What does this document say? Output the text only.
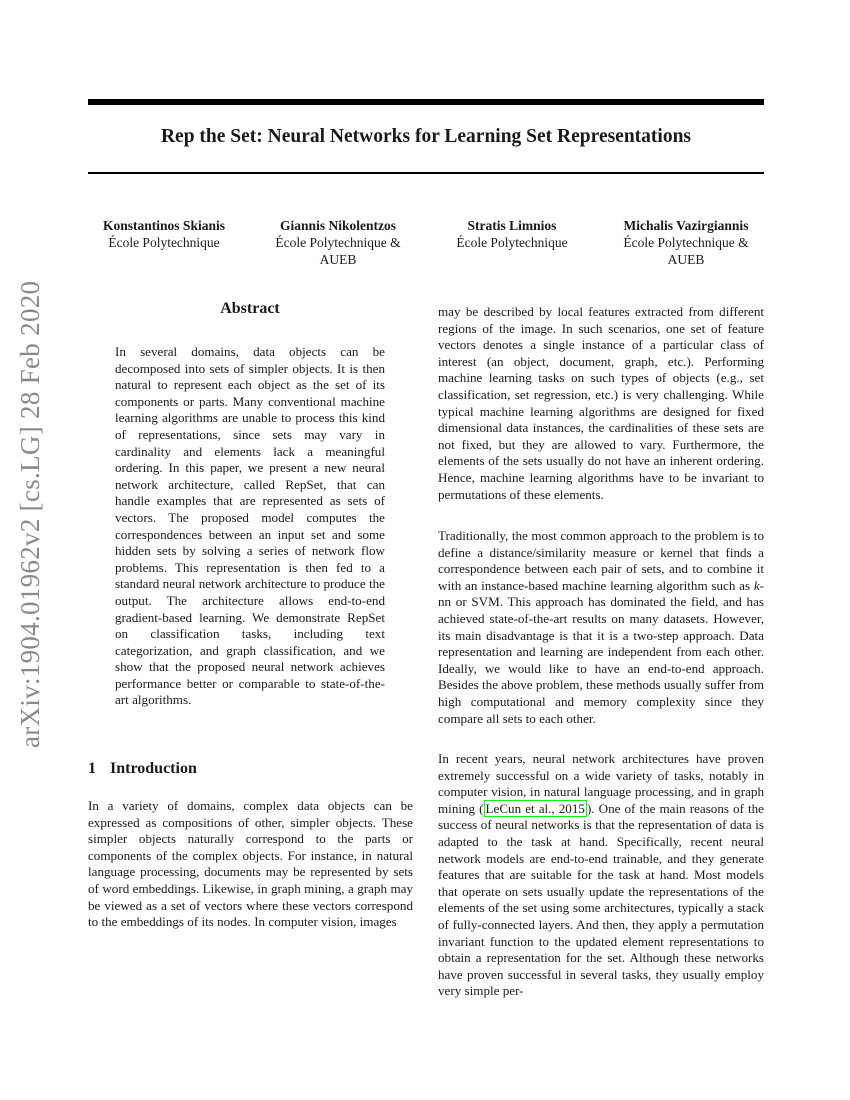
Rep the Set: Neural Networks for Learning Set Representations
Konstantinos Skianis
École Polytechnique
Giannis Nikolentzos
École Polytechnique & AUEB
Stratis Limnios
École Polytechnique
Michalis Vazirgiannis
École Polytechnique & AUEB
arXiv:1904.01962v2 [cs.LG] 28 Feb 2020	Abstract

In several domains, data objects can be decomposed into sets of simpler objects. It is then natural to represent each object as the set of its components or parts. Many conventional machine learning algorithms are unable to process this kind of representations, since sets may vary in cardinality and elements lack a meaningful ordering. In this paper, we present a new neural network architecture, called RepSet, that can handle examples that are represented as sets of vectors. The proposed model computes the correspondences between an input set and some hidden sets by solving a series of network flow problems. This representation is then fed to a standard neural network architecture to produce the output. The architecture allows end-to-end gradient-based learning. We demonstrate RepSet on classification tasks, including text categorization, and graph classification, and we show that the proposed neural network achieves performance better or comparable to state-of-the-art algorithms.

1 Introduction

In a variety of domains, complex data objects can be expressed as compositions of other, simpler objects. These simpler objects naturally correspond to the parts or components of the complex objects. For instance, in natural language processing, documents may be represented by sets of word embeddings. Likewise, in graph mining, a graph may be viewed as a set of vectors where these vectors correspond to the embeddings of its nodes. In computer vision, images

may be described by local features extracted from different regions of the image. In such scenarios, one set of feature vectors denotes a single instance of a particular class of interest (an object, document, graph, etc.). Performing machine learning tasks on such types of objects (e.g., set classification, set regression, etc.) is very challenging. While typical machine learning algorithms are designed for fixed dimensional data instances, the cardinalities of these sets are not fixed, but they are allowed to vary. Furthermore, the elements of the sets usually do not have an inherent ordering. Hence, machine learning algorithms have to be invariant to permutations of these elements.

Traditionally, the most common approach to the problem is to define a distance/similarity measure or kernel that finds a correspondence between each pair of sets, and to combine it with an instance-based machine learning algorithm such as k-nn or SVM. This approach has dominated the field, and has achieved state-of-the-art results on many datasets. However, its main disadvantage is that it is a two-step approach. Data representation and learning are independent from each other. Ideally, we would like to have an end-to-end approach. Besides the above problem, these methods usually suffer from high computational and memory complexity since they compare all sets to each other.

In recent years, neural network architectures have proven extremely successful on a wide variety of tasks, notably in computer vision, in natural language processing, and in graph mining ( LeCun et al., 2015 ). One of the main reasons of the success of neural networks is that the representation of data is adapted to the task at hand. Specifically, recent neural network models are end-to-end trainable, and they generate features that are suitable for the task at hand. Most models that operate on sets usually update the representations of the elements of the set using some architectures, typically a stack of fully-connected layers. And then, they apply a permutation invariant function to the updated element representations to obtain a representation for the set. Although these networks have proven successful in several tasks, they usually employ very simple per-
